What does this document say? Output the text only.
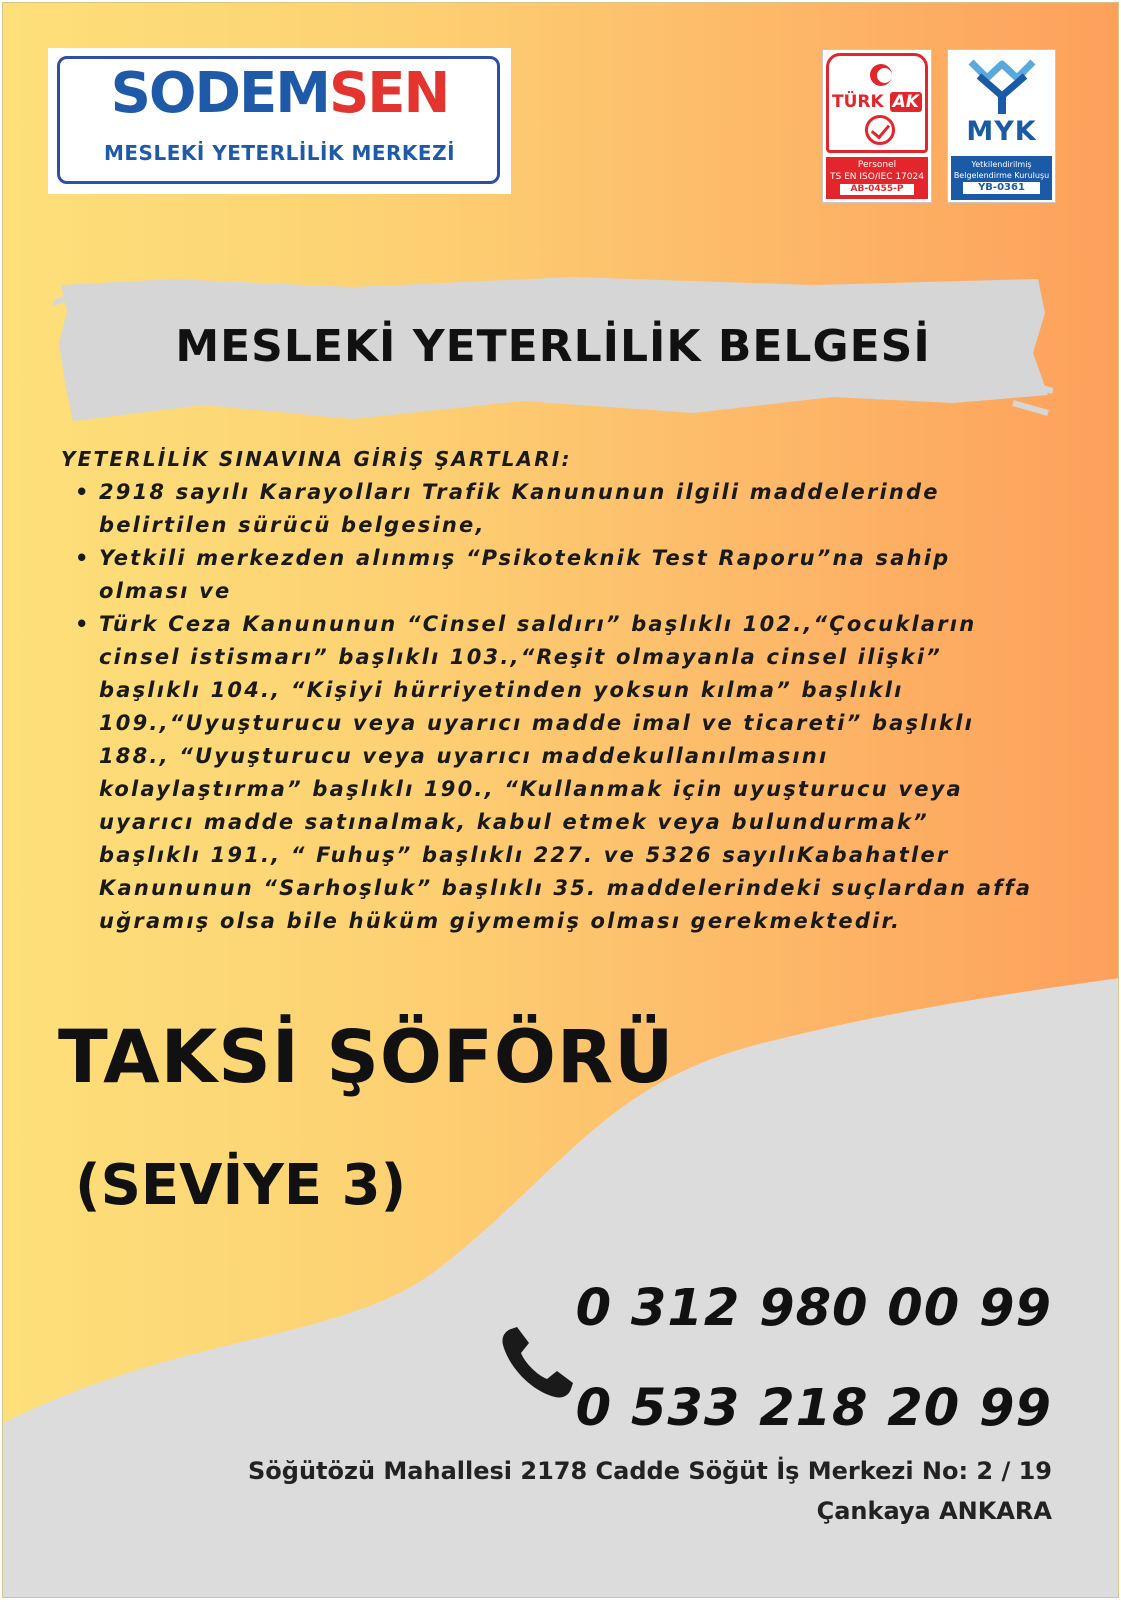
SODEMSEN
MESLEKİ YETERLİLİK MERKEZİ
TÜRK AK
Personel
TS EN ISO/IEC 17024
AB-0455-P
MYK
Yetkilendirilmiş
Belgelendirme Kuruluşu
YB-0361
MESLEKİ YETERLİLİK BELGESİ
YETERLİLİK SINAVINA GİRİŞ ŞARTLARI:
• 2918 sayılı Karayolları Trafik Kanununun ilgili maddelerinde belirtilen sürücü belgesine,
• Yetkili merkezden alınmış “Psikoteknik Test Raporu”na sahip olması ve
• Türk Ceza Kanununun “Cinsel saldırı” başlıklı 102.,“Çocukların cinsel istismarı” başlıklı 103.,“Reşit olmayanla cinsel ilişki” başlıklı 104., “Kişiyi hürriyetinden yoksun kılma” başlıklı 109.,“Uyuşturucu veya uyarıcı madde imal ve ticareti” başlıklı 188., “Uyuşturucu veya uyarıcı maddekullanılmasını kolaylaştırma” başlıklı 190., “Kullanmak için uyuşturucu veya uyarıcı madde satınalmak, kabul etmek veya bulundurmak” başlıklı 191., “ Fuhuş” başlıklı 227. ve 5326 sayılıKabahatler Kanununun “Sarhoşluk” başlıklı 35. maddelerindeki suçlardan affa uğramış olsa bile hüküm giymemiş olması gerekmektedir.
TAKSİ ŞÖFÖRÜ
(SEVİYE 3)
0 312 980 00 99
0 533 218 20 99
Söğütözü Mahallesi 2178 Cadde Söğüt İş Merkezi No: 2 / 19
Çankaya ANKARA
